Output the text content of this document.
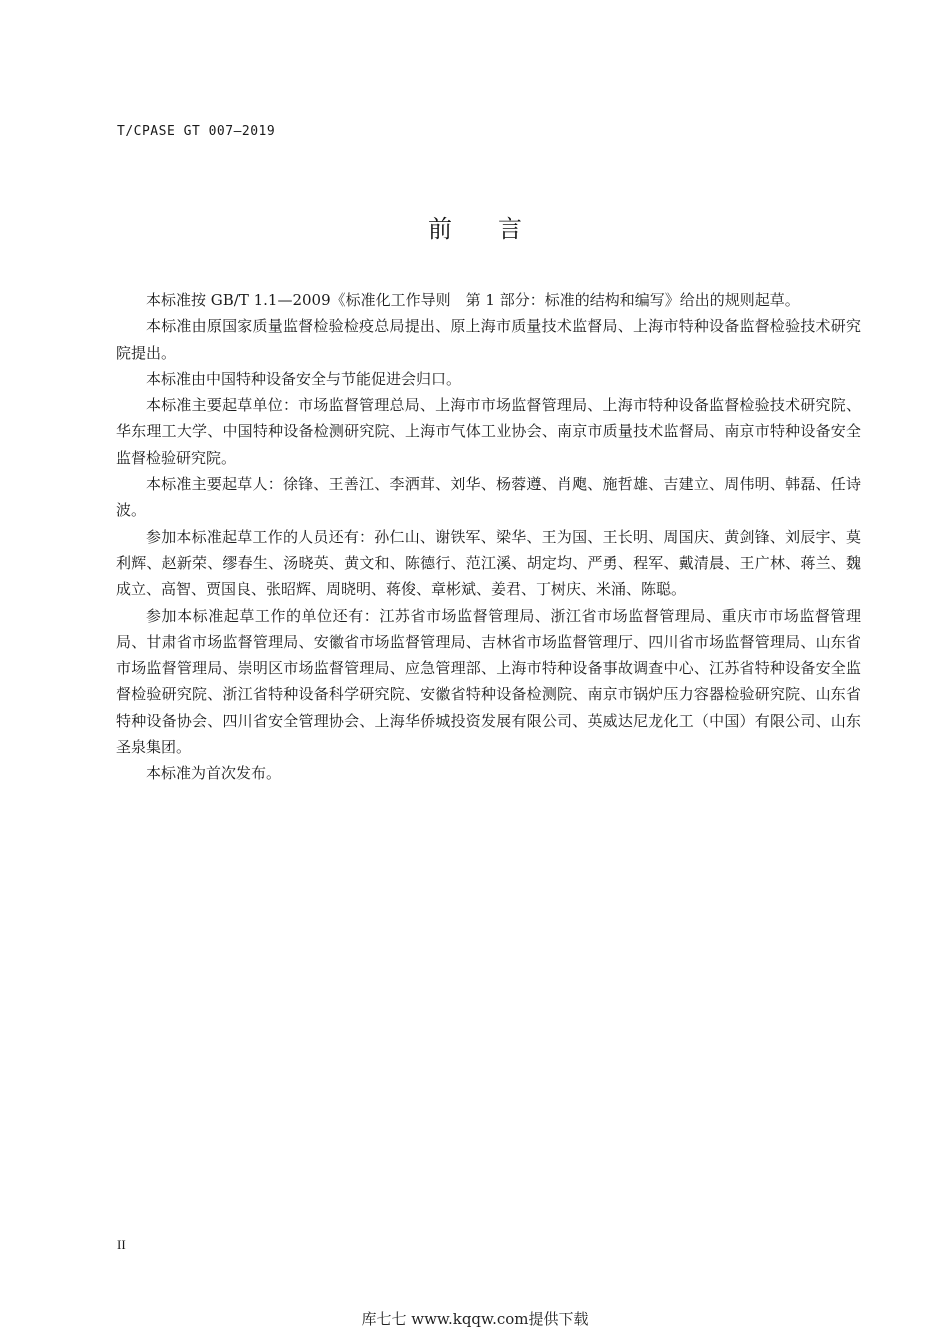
T/CPASE GT 007—2019
前言

本标准按 GB/T 1.1—2009《标准化工作导则　第 1 部分：标准的结构和编写》给出的规则起草。

本标准由原国家质量监督检验检疫总局提出、原上海市质量技术监督局、上海市特种设备监督检验技术研究院提出。

本标准由中国特种设备安全与节能促进会归口。

本标准主要起草单位：市场监督管理总局、上海市市场监督管理局、上海市特种设备监督检验技术研究院、华东理工大学、中国特种设备检测研究院、上海市气体工业协会、南京市质量技术监督局、南京市特种设备安全监督检验研究院。

本标准主要起草人：徐锋、王善江、李洒茸、刘华、杨蓉遵、肖飑、施哲雄、吉建立、周伟明、韩磊、任诗波。

参加本标准起草工作的人员还有：孙仁山、谢铁军、梁华、王为国、王长明、周国庆、黄剑锋、刘辰宇、莫利辉、赵新荣、缪春生、汤晓英、黄文和、陈德行、范江溪、胡定均、严勇、程军、戴清晨、王广林、蒋兰、魏成立、高智、贾国良、张昭辉、周晓明、蒋俊、章彬斌、姜君、丁树庆、米涌、陈聪。

参加本标准起草工作的单位还有：江苏省市场监督管理局、浙江省市场监督管理局、重庆市市场监督管理局、甘肃省市场监督管理局、安徽省市场监督管理局、吉林省市场监督管理厅、四川省市场监督管理局、山东省市场监督管理局、崇明区市场监督管理局、应急管理部、上海市特种设备事故调查中心、江苏省特种设备安全监督检验研究院、浙江省特种设备科学研究院、安徽省特种设备检测院、南京市锅炉压力容器检验研究院、山东省特种设备协会、四川省安全管理协会、上海华侨城投资发展有限公司、英威达尼龙化工（中国）有限公司、山东圣泉集团。

本标准为首次发布。

II
库七七 www.kqqw.com提供下载
